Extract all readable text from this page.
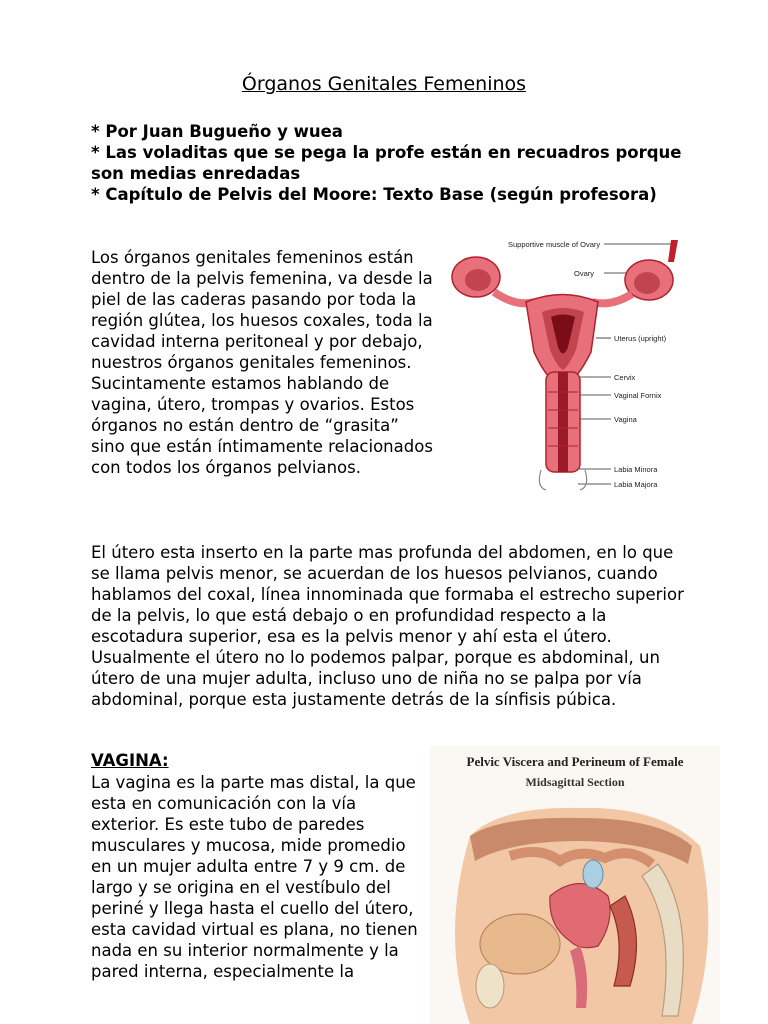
Órganos Genitales Femeninos
* Por Juan Bugueño y wuea
* Las voladitas que se pega la profe están en recuadros porque son medias enredadas
* Capítulo de Pelvis del Moore: Texto Base (según profesora)
Los órganos genitales femeninos están dentro de la pelvis femenina, va desde la piel de las caderas pasando por toda la región glútea, los huesos coxales, toda la cavidad interna peritoneal y por debajo, nuestros órganos genitales femeninos. Sucintamente estamos hablando de vagina, útero, trompas y ovarios. Estos órganos no están dentro de “grasita” sino que están íntimamente relacionados con todos los órganos pelvianos.
Supportive muscle of Ovary
Ovary
Uterus (upright)
Cervix
Vaginal Fornix
Vagina
Labia Minora
Labia Majora
El útero esta inserto en la parte mas profunda del abdomen, en lo que se llama pelvis menor, se acuerdan de los huesos pelvianos, cuando hablamos del coxal, línea innominada que formaba el estrecho superior de la pelvis, lo que está debajo o en profundidad respecto a la escotadura superior, esa es la pelvis menor y ahí esta el útero. Usualmente el útero no lo podemos palpar, porque es abdominal, un útero de una mujer adulta, incluso uno de niña no se palpa por vía abdominal, porque esta justamente detrás de la sínfisis púbica.
VAGINA:
La vagina es la parte mas distal, la que esta en comunicación con la vía exterior. Es este tubo de paredes musculares y mucosa, mide promedio en un mujer adulta entre 7 y 9 cm. de largo y se origina en el vestíbulo del periné y llega hasta el cuello del útero, esta cavidad virtual es plana, no tienen nada en su interior normalmente y la pared interna, especialmente la
Pelvic Viscera and Perineum of Female
Midsagittal Section
